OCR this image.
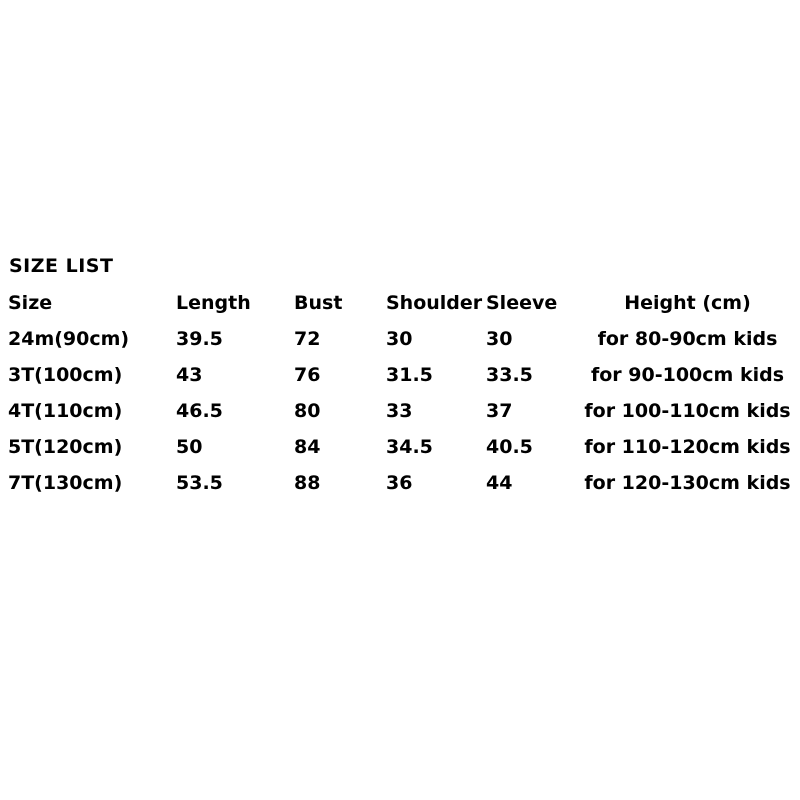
SIZE LIST
Size	Length	Bust	Shoulder	Sleeve	Height (cm)
24m(90cm)	39.5	72	30	30	for 80-90cm kids
3T(100cm)	43	76	31.5	33.5	for 90-100cm kids
4T(110cm)	46.5	80	33	37	for 100-110cm kids
5T(120cm)	50	84	34.5	40.5	for 110-120cm kids
7T(130cm)	53.5	88	36	44	for 120-130cm kids
